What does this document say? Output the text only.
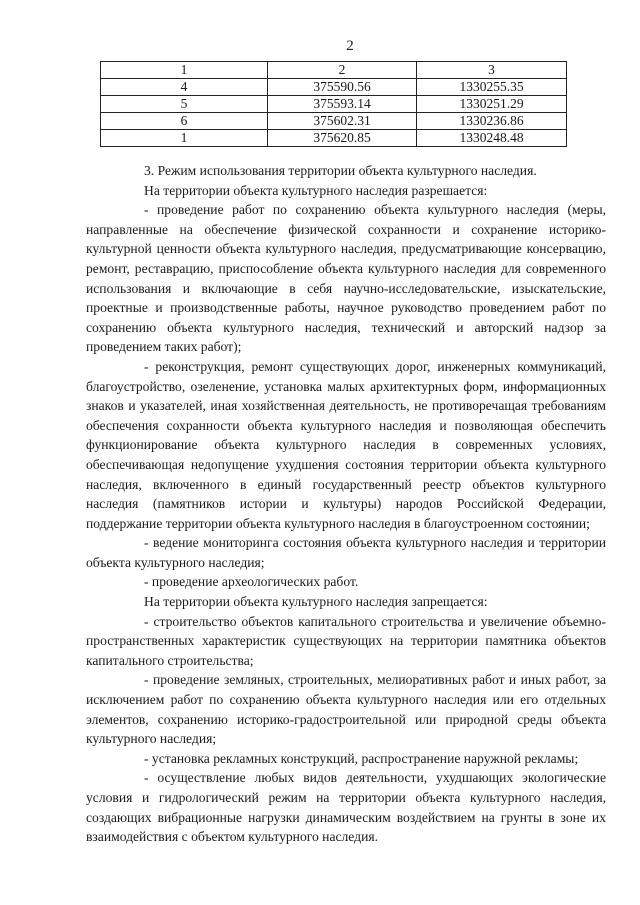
2
1	2	3
4	375590.56	1330255.35
5	375593.14	1330251.29
6	375602.31	1330236.86
1	375620.85	1330248.48

3. Режим использования территории объекта культурного наследия.

На территории объекта культурного наследия разрешается:

- проведение работ по сохранению объекта культурного наследия (меры, направленные на обеспечение физической сохранности и сохранение историко-культурной ценности объекта культурного наследия, предусматривающие консервацию, ремонт, реставрацию, приспособление объекта культурного наследия для современного использования и включающие в себя научно-исследовательские, изыскательские, проектные и производственные работы, научное руководство проведением работ по сохранению объекта культурного наследия, технический и авторский надзор за проведением таких работ);

- реконструкция, ремонт существующих дорог, инженерных коммуникаций, благоустройство, озеленение, установка малых архитектурных форм, информационных знаков и указателей, иная хозяйственная деятельность, не противоречащая требованиям обеспечения сохранности объекта культурного наследия и позволяющая обеспечить функционирование объекта культурного наследия в современных условиях, обеспечивающая недопущение ухудшения состояния территории объекта культурного наследия, включенного в единый государственный реестр объектов культурного наследия (памятников истории и культуры) народов Российской Федерации, поддержание территории объекта культурного наследия в благоустроенном состоянии;

- ведение мониторинга состояния объекта культурного наследия и территории объекта культурного наследия;

- проведение археологических работ.

На территории объекта культурного наследия запрещается:

- строительство объектов капитального строительства и увеличение объемно-пространственных характеристик существующих на территории памятника объектов капитального строительства;

- проведение земляных, строительных, мелиоративных работ и иных работ, за исключением работ по сохранению объекта культурного наследия или его отдельных элементов, сохранению историко-градостроительной или природной среды объекта культурного наследия;

- установка рекламных конструкций, распространение наружной рекламы;

- осуществление любых видов деятельности, ухудшающих экологические условия и гидрологический режим на территории объекта культурного наследия, создающих вибрационные нагрузки динамическим воздействием на грунты в зоне их взаимодействия с объектом культурного наследия.
